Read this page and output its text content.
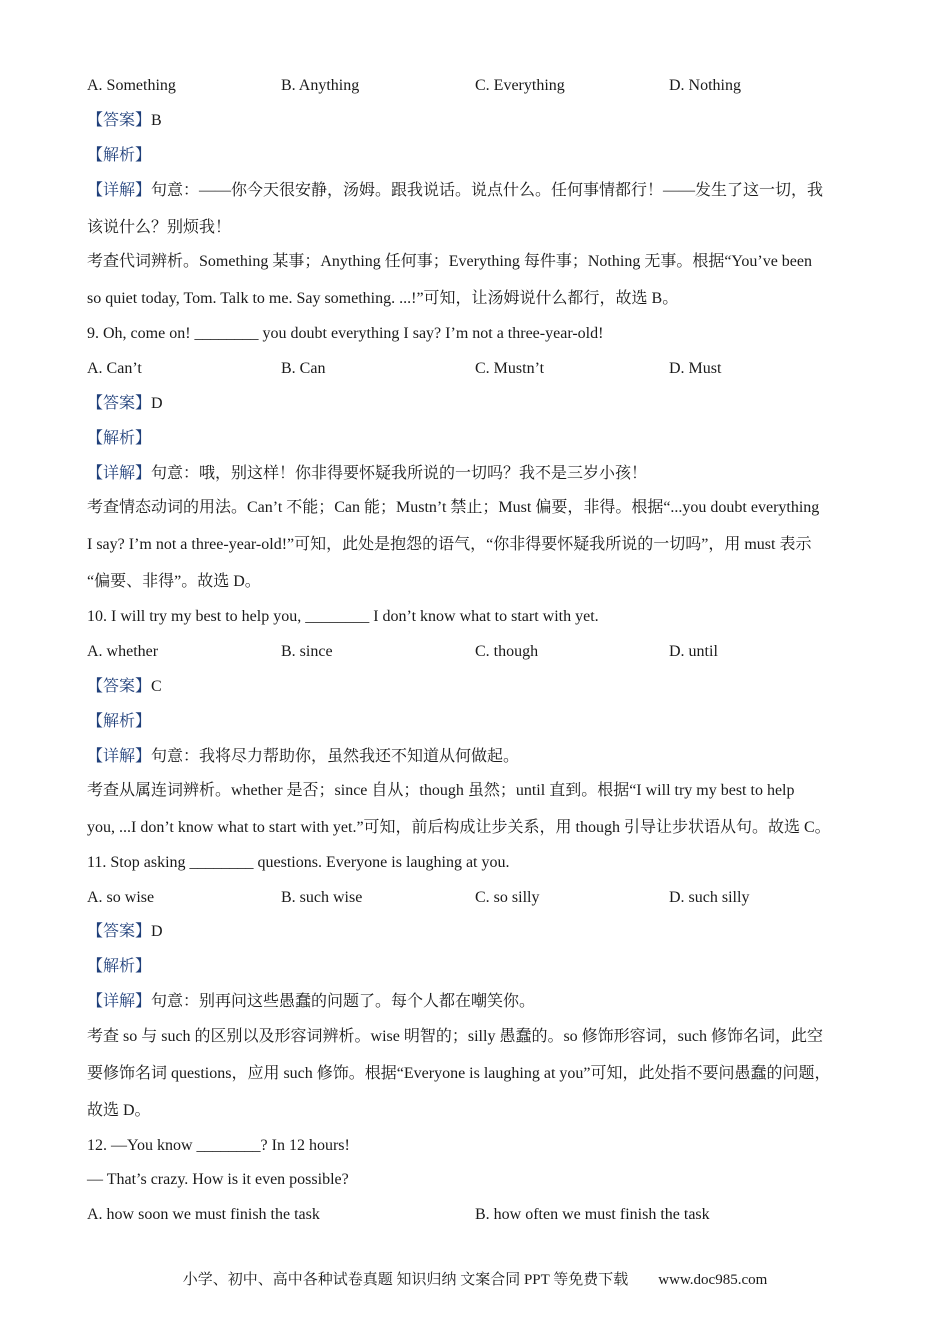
A. Something	B. Anything	C. Everything	D. Nothing
【答案】B
【解析】
【详解】句意：——你今天很安静，汤姆。跟我说话。说点什么。任何事情都行！——发生了这一切，我
该说什么？别烦我！
考查代词辨析。Something 某事；Anything 任何事；Everything 每件事；Nothing 无事。根据“You’ve been
so quiet today, Tom. Talk to me. Say something. ...!”可知，让汤姆说什么都行，故选 B。
9. Oh, come on! ________ you doubt everything I say? I’m not a three-year-old!
A. Can’t	B. Can	C. Mustn’t	D. Must
【答案】D
【解析】
【详解】句意：哦，别这样！你非得要怀疑我所说的一切吗？我不是三岁小孩！
考查情态动词的用法。Can’t 不能；Can 能；Mustn’t 禁止；Must 偏要，非得。根据“...you doubt everything
I say? I’m not a three-year-old!”可知，此处是抱怨的语气，“你非得要怀疑我所说的一切吗”，用 must 表示
“偏要、非得”。故选 D。
10. I will try my best to help you, ________ I don’t know what to start with yet.
A. whether	B. since	C. though	D. until
【答案】C
【解析】
【详解】句意：我将尽力帮助你，虽然我还不知道从何做起。
考查从属连词辨析。whether 是否；since 自从；though 虽然；until 直到。根据“I will try my best to help
you, ...I don’t know what to start with yet.”可知，前后构成让步关系，用 though 引导让步状语从句。故选 C。
11. Stop asking ________ questions. Everyone is laughing at you.
A. so wise	B. such wise	C. so silly	D. such silly
【答案】D
【解析】
【详解】句意：别再问这些愚蠢的问题了。每个人都在嘲笑你。
考查 so 与 such 的区别以及形容词辨析。wise 明智的；silly 愚蠢的。so 修饰形容词，such 修饰名词，此空
要修饰名词 questions，应用 such 修饰。根据“Everyone is laughing at you”可知，此处指不要问愚蠢的问题，
故选 D。
12. —You know ________? In 12 hours!
— That’s crazy. How is it even possible?
A. how soon we must finish the task	B. how often we must finish the task
小学、初中、高中各种试卷真题 知识归纳 文案合同 PPT 等免费下载　　www.doc985.com
